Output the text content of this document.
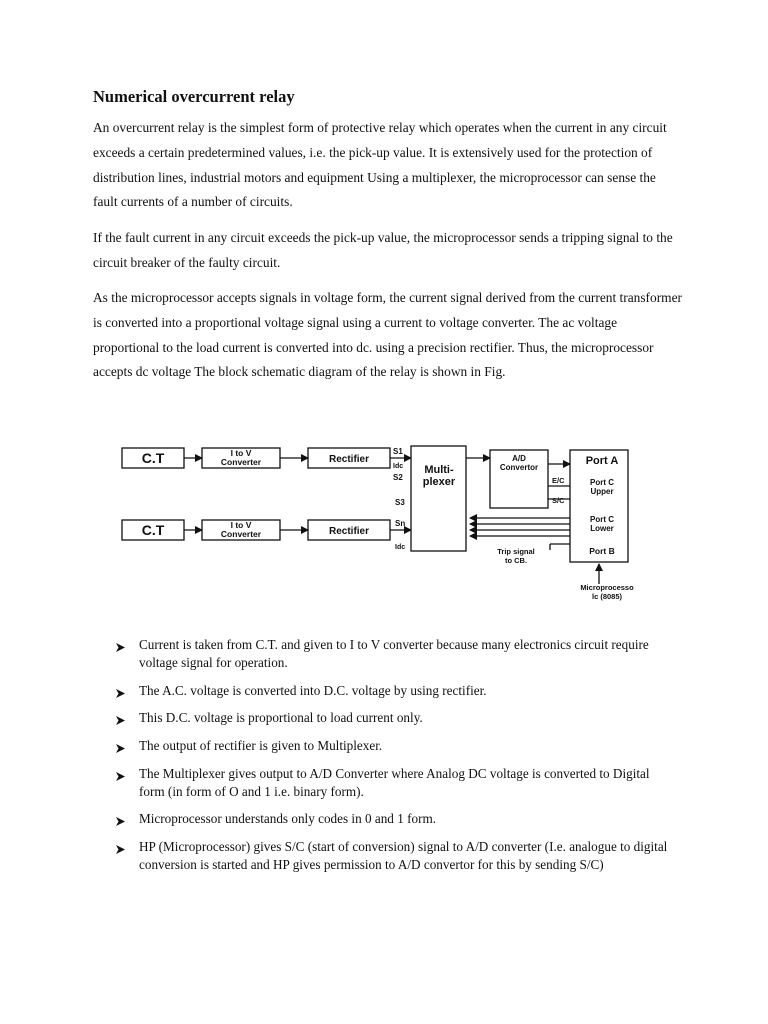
Numerical overcurrent relay

An overcurrent relay is the simplest form of protective relay which operates when the current in any circuit exceeds a certain predetermined values, i.e. the pick-up value. It is extensively used for the protection of distribution lines, industrial motors and equipment Using a multiplexer, the microprocessor can sense the fault currents of a number of circuits.

If the fault current in any circuit exceeds the pick-up value, the microprocessor sends a tripping signal to the circuit breaker of the faulty circuit.

As the microprocessor accepts signals in voltage form, the current signal derived from the current transformer is converted into a proportional voltage signal using a current to voltage converter. The ac voltage proportional to the load current is converted into dc. using a precision rectifier. Thus, the microprocessor accepts dc voltage The block schematic diagram of the relay is shown in Fig.

C.T	I to V
Converter	Rectifier
C.T	I to V
Converter	Rectifier
S1
Idc
S2
S3
Sn
Idc
Multi-
plexer
A/D
Convertor
E/C
S/C
Port A
Port C
Upper
Port C
Lower
Port B
Trip signal
to CB.
Microprocesso
lc (8085)
Current is taken from C.T. and given to I to V converter because many electronics circuit require voltage signal for operation.
The A.C. voltage is converted into D.C. voltage by using rectifier.
This D.C. voltage is proportional to load current only.
The output of rectifier is given to Multiplexer.
The Multiplexer gives output to A/D Converter where Analog DC voltage is converted to Digital form (in form of O and 1 i.e. binary form).
Microprocessor understands only codes in 0 and 1 form.
HP (Microprocessor) gives S/C (start of conversion) signal to A/D converter (I.e. analogue to digital conversion is started and HP gives permission to A/D convertor for this by sending S/C)
